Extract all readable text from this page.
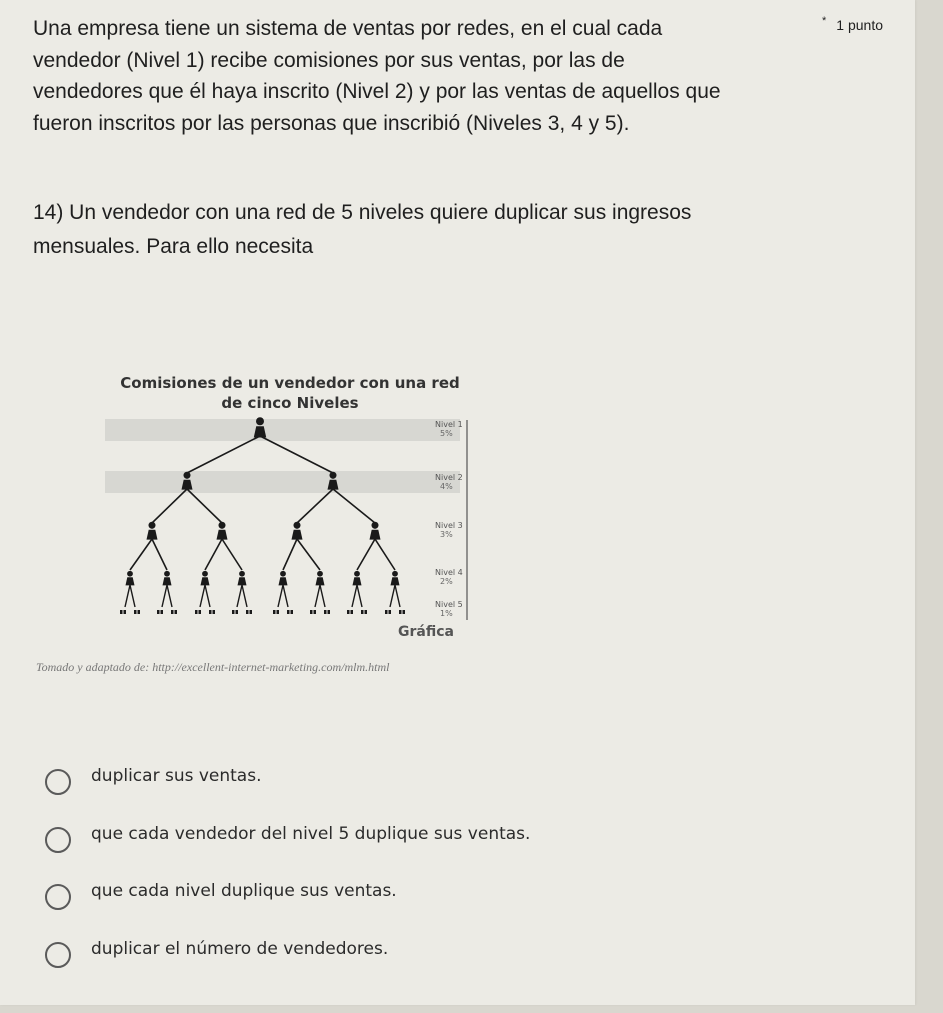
Una empresa tiene un sistema de ventas por redes, en el cual cada
vendedor (Nivel 1) recibe comisiones por sus ventas, por las de
vendedores que él haya inscrito (Nivel 2) y por las ventas de aquellos que
fueron inscritos por las personas que inscribió (Niveles 3, 4 y 5).
* 1 punto
14) Un vendedor con una red de 5 niveles quiere duplicar sus ingresos
mensuales. Para ello necesita
Comisiones de un vendedor con una red
de cinco Niveles
Nivel 1
5%
Nivel 2
4%
Nivel 3
3%
Nivel 4
2%
Nivel 5
1%
Gráfica
Tomado y adaptado de: http://excellent-internet-marketing.com/mlm.html
duplicar sus ventas.
que cada vendedor del nivel 5 duplique sus ventas.
que cada nivel duplique sus ventas.
duplicar el número de vendedores.
